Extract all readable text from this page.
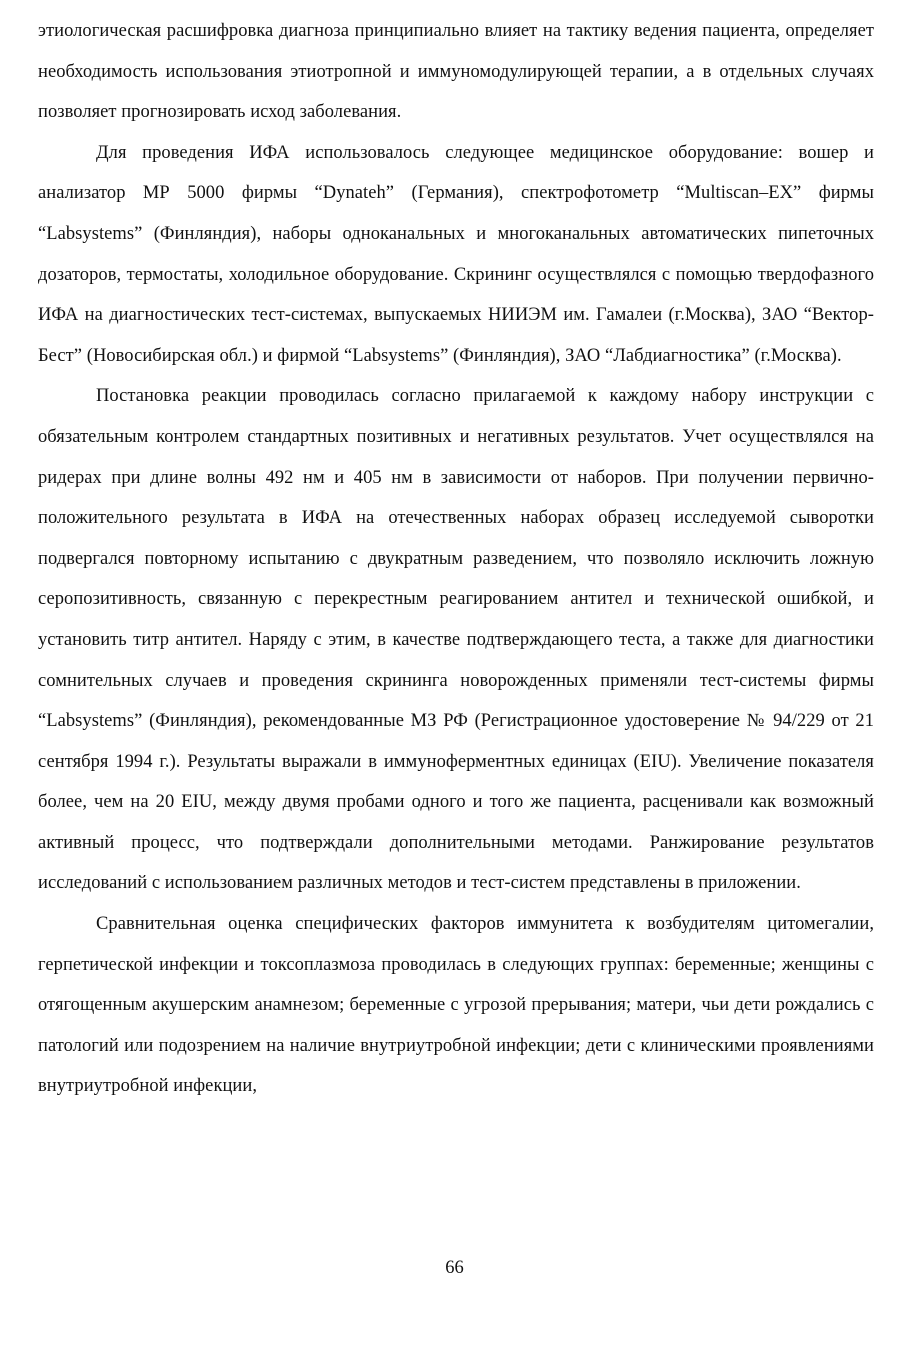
этиологическая расшифровка диагноза принципиально влияет на тактику ведения пациента, определяет необходимость использования этиотропной и иммуномодулирующей терапии, а в отдельных случаях позволяет прогнозировать исход заболевания.

Для проведения ИФА использовалось следующее медицинское оборудование: вошер и анализатор МР 5000 фирмы “Dynateh” (Германия), спектрофотометр “Multiscan–EX” фирмы “Labsystems” (Финляндия), наборы одноканальных и многоканальных автоматических пипеточных дозаторов, термостаты, холодильное оборудование. Скрининг осуществлялся с помощью твердофазного ИФА на диагностических тест-системах, выпускаемых НИИЭМ им. Гамалеи (г.Москва), ЗАО “Вектор-Бест” (Новосибирская обл.) и фирмой “Labsystems” (Финляндия), ЗАО “Лабдиагностика” (г.Москва).

Постановка реакции проводилась согласно прилагаемой к каждому набору инструкции с обязательным контролем стандартных позитивных и негативных результатов. Учет осуществлялся на ридерах при длине волны 492 нм и 405 нм в зависимости от наборов. При получении первично-положительного результата в ИФА на отечественных наборах образец исследуемой сыворотки подвергался повторному испытанию с двукратным разведением, что позволяло исключить ложную серопозитивность, связанную с перекрестным реагированием антител и технической ошибкой, и установить титр антител. Наряду с этим, в качестве подтверждающего теста, а также для диагностики сомнительных случаев и проведения скрининга новорожденных применяли тест-системы фирмы “Labsystems” (Финляндия), рекомендованные МЗ РФ (Регистрационное удостоверение № 94/229 от 21 сентября 1994 г.). Результаты выражали в иммуноферментных единицах (EIU). Увеличение показателя более, чем на 20 EIU, между двумя пробами одного и того же пациента, расценивали как возможный активный процесс, что подтверждали дополнительными методами. Ранжирование результатов исследований с использованием различных методов и тест-систем представлены в приложении.

Сравнительная оценка специфических факторов иммунитета к возбудителям цитомегалии, герпетической инфекции и токсоплазмоза проводилась в следующих группах: беременные; женщины с отягощенным акушерским анамнезом; беременные с угрозой прерывания; матери, чьи дети рождались с патологий или подозрением на наличие внутриутробной инфекции; дети с клиническими проявлениями внутриутробной инфекции,

66
